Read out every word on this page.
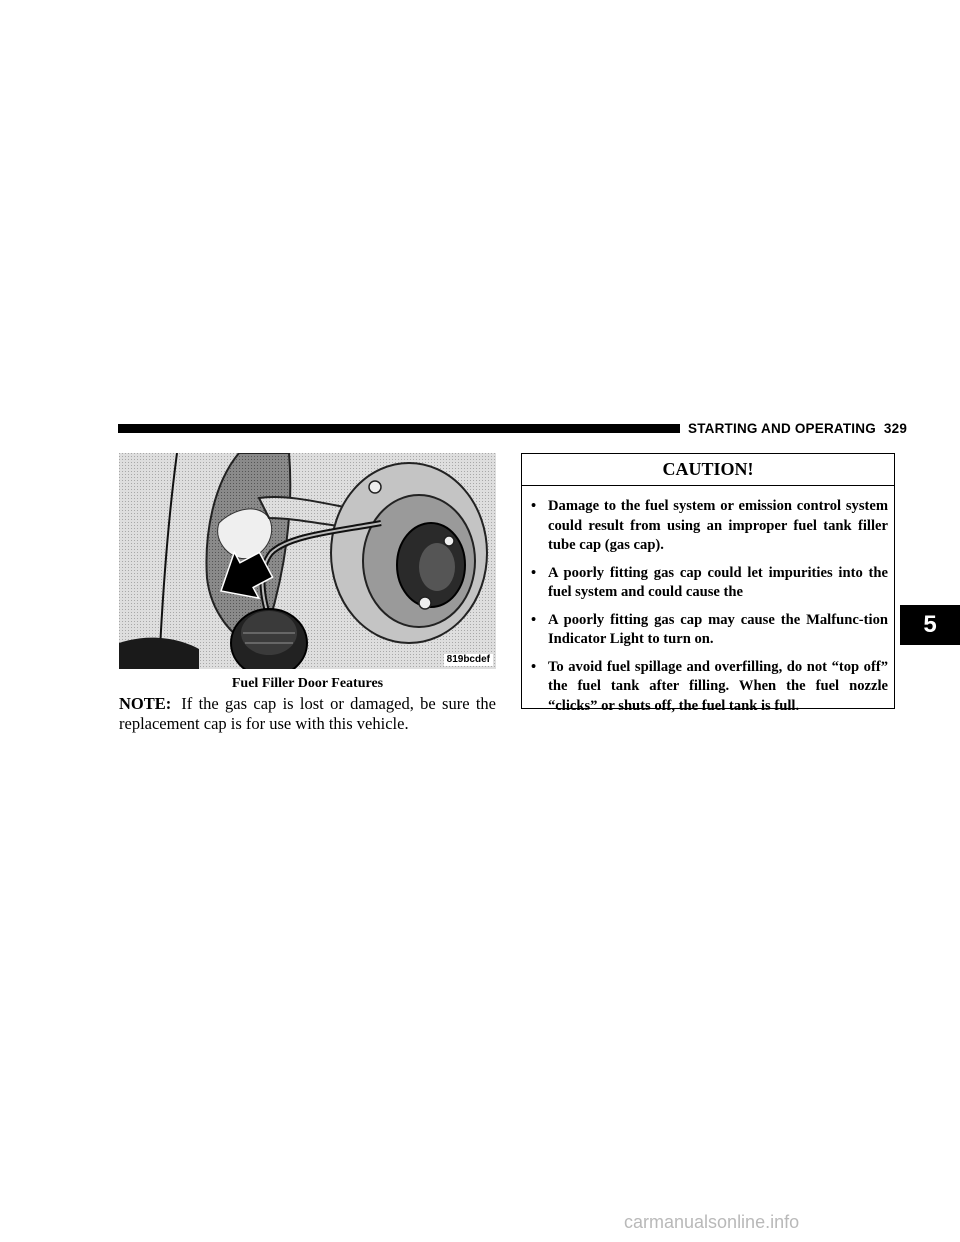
STARTING AND OPERATING 329
819bcdef
Fuel Filler Door Features
NOTE: If the gas cap is lost or damaged, be sure the replacement cap is for use with this vehicle.
CAUTION!
• Damage to the fuel system or emission control system could result from using an improper fuel tank filler tube cap (gas cap).
• A poorly fitting gas cap could let impurities into the fuel system and could cause the
• A poorly fitting gas cap may cause the Malfunc-tion Indicator Light to turn on.
• To avoid fuel spillage and overfilling, do not “top off” the fuel tank after filling. When the fuel nozzle “clicks” or shuts off, the fuel tank is full.
5
carmanualsonline.info
